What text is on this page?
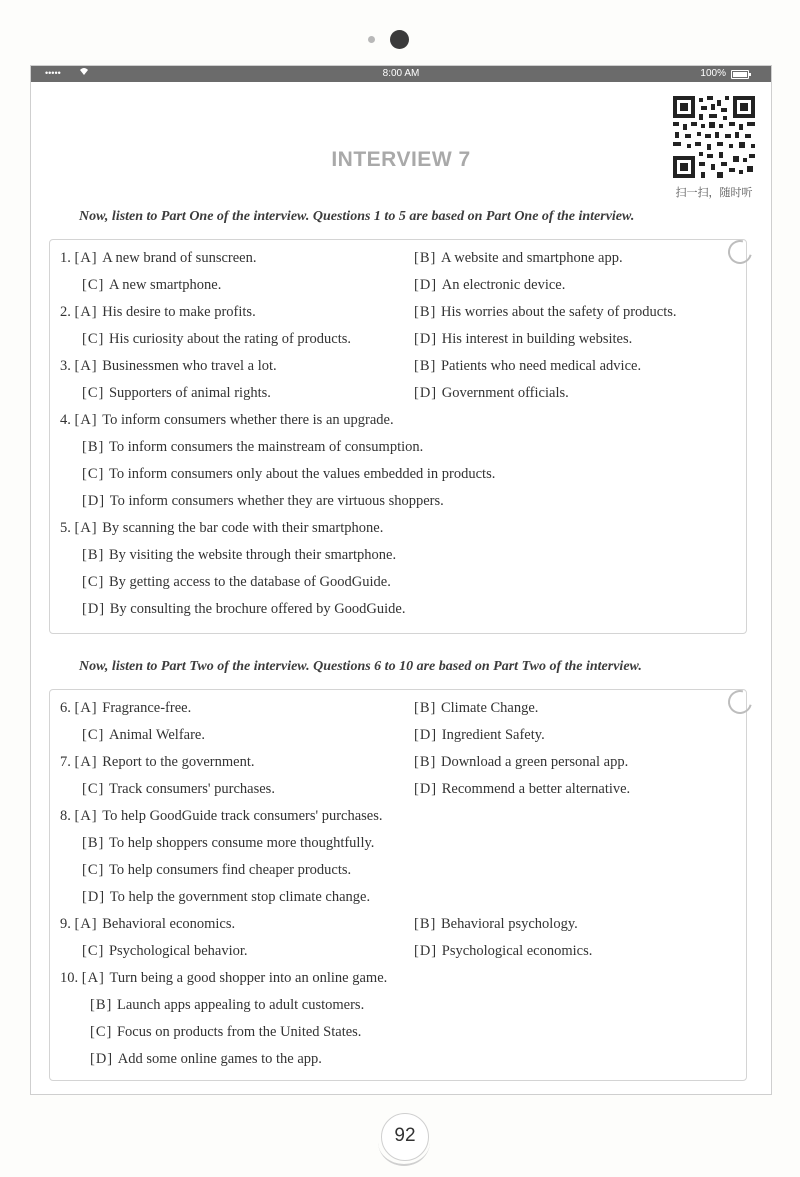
•••••	8:00 AM	100%
INTERVIEW 7
扫一扫，随时听
Now, listen to Part One of the interview. Questions 1 to 5 are based on Part One of the interview.
1. [A] A new brand of sunscreen.	[B] A website and smartphone app.
[C] A new smartphone.	[D] An electronic device.
2. [A] His desire to make profits.	[B] His worries about the safety of products.
[C] His curiosity about the rating of products.	[D] His interest in building websites.
3. [A] Businessmen who travel a lot.	[B] Patients who need medical advice.
[C] Supporters of animal rights.	[D] Government officials.
4. [A] To inform consumers whether there is an upgrade.
[B] To inform consumers the mainstream of consumption.
[C] To inform consumers only about the values embedded in products.
[D] To inform consumers whether they are virtuous shoppers.
5. [A] By scanning the bar code with their smartphone.
[B] By visiting the website through their smartphone.
[C] By getting access to the database of GoodGuide.
[D] By consulting the brochure offered by GoodGuide.
Now, listen to Part Two of the interview. Questions 6 to 10 are based on Part Two of the interview.
6. [A] Fragrance-free.	[B] Climate Change.
[C] Animal Welfare.	[D] Ingredient Safety.
7. [A] Report to the government.	[B] Download a green personal app.
[C] Track consumers' purchases.	[D] Recommend a better alternative.
8. [A] To help GoodGuide track consumers' purchases.
[B] To help shoppers consume more thoughtfully.
[C] To help consumers find cheaper products.
[D] To help the government stop climate change.
9. [A] Behavioral economics.	[B] Behavioral psychology.
[C] Psychological behavior.	[D] Psychological economics.
10. [A] Turn being a good shopper into an online game.
[B] Launch apps appealing to adult customers.
[C] Focus on products from the United States.
[D] Add some online games to the app.
92
